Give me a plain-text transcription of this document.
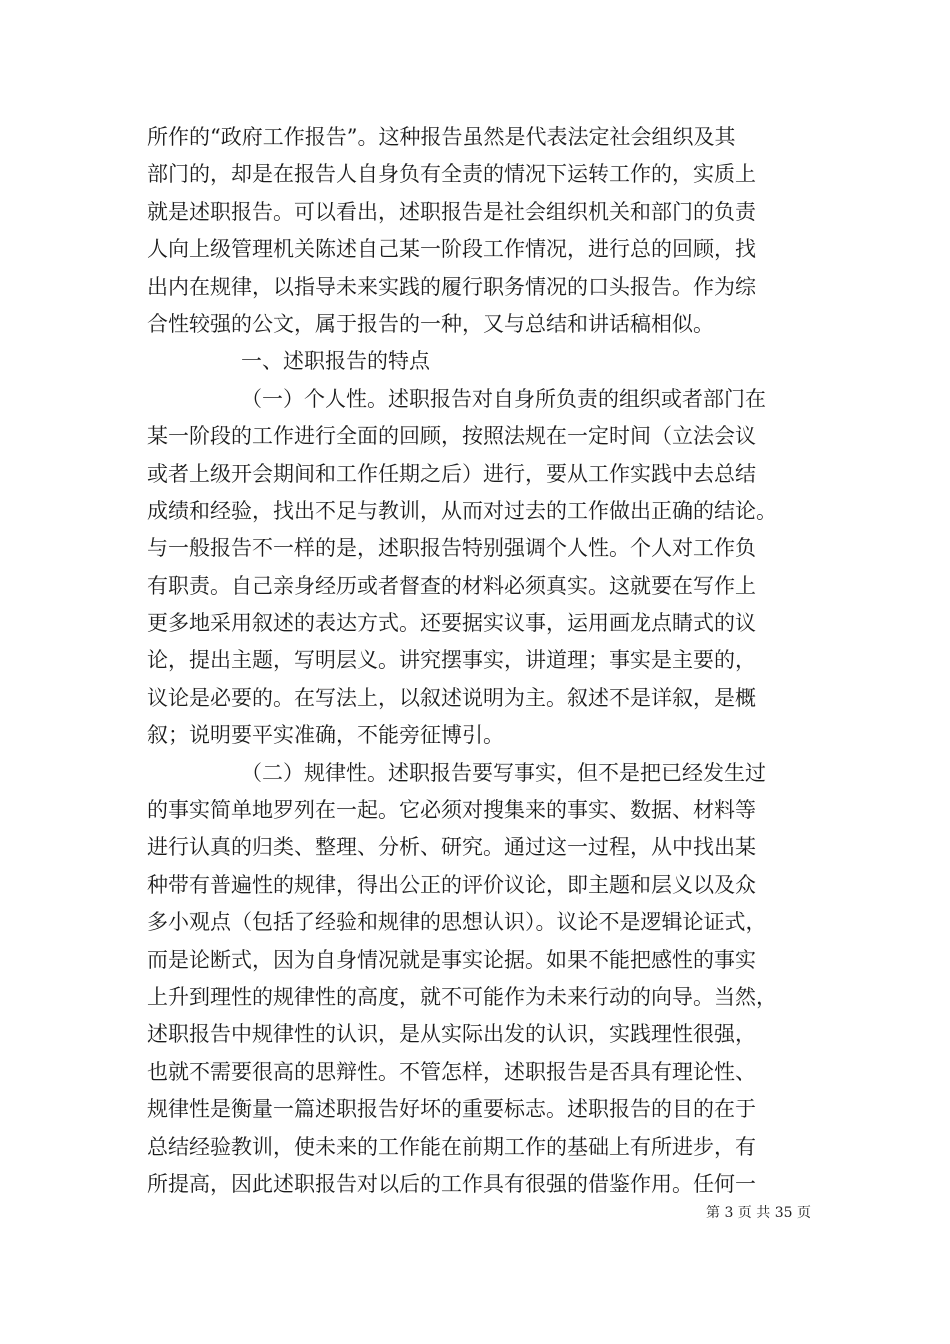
所作的“政府工作报告”。这种报告虽然是代表法定社会组织及其
部门的，却是在报告人自身负有全责的情况下运转工作的，实质上
就是述职报告。可以看出，述职报告是社会组织机关和部门的负责
人向上级管理机关陈述自己某一阶段工作情况，进行总的回顾，找
出内在规律，以指导未来实践的履行职务情况的口头报告。作为综
合性较强的公文，属于报告的一种，又与总结和讲话稿相似。
一、述职报告的特点
（一）个人性。述职报告对自身所负责的组织或者部门在
某一阶段的工作进行全面的回顾，按照法规在一定时间（立法会议
或者上级开会期间和工作任期之后）进行，要从工作实践中去总结
成绩和经验，找出不足与教训，从而对过去的工作做出正确的结论。
与一般报告不一样的是，述职报告特别强调个人性。个人对工作负
有职责。自己亲身经历或者督查的材料必须真实。这就要在写作上
更多地采用叙述的表达方式。还要据实议事，运用画龙点睛式的议
论，提出主题，写明层义。讲究摆事实，讲道理；事实是主要的，
议论是必要的。在写法上，以叙述说明为主。叙述不是详叙，是概
叙；说明要平实准确，不能旁征博引。
（二）规律性。述职报告要写事实，但不是把已经发生过
的事实简单地罗列在一起。它必须对搜集来的事实、数据、材料等
进行认真的归类、整理、分析、研究。通过这一过程，从中找出某
种带有普遍性的规律，得出公正的评价议论，即主题和层义以及众
多小观点（包括了经验和规律的思想认识）。议论不是逻辑论证式，
而是论断式，因为自身情况就是事实论据。如果不能把感性的事实
上升到理性的规律性的高度，就不可能作为未来行动的向导。当然，
述职报告中规律性的认识，是从实际出发的认识，实践理性很强，
也就不需要很高的思辩性。不管怎样，述职报告是否具有理论性、
规律性是衡量一篇述职报告好坏的重要标志。述职报告的目的在于
总结经验教训，使未来的工作能在前期工作的基础上有所进步，有
所提高，因此述职报告对以后的工作具有很强的借鉴作用。任何一
第 3 页 共 35 页
